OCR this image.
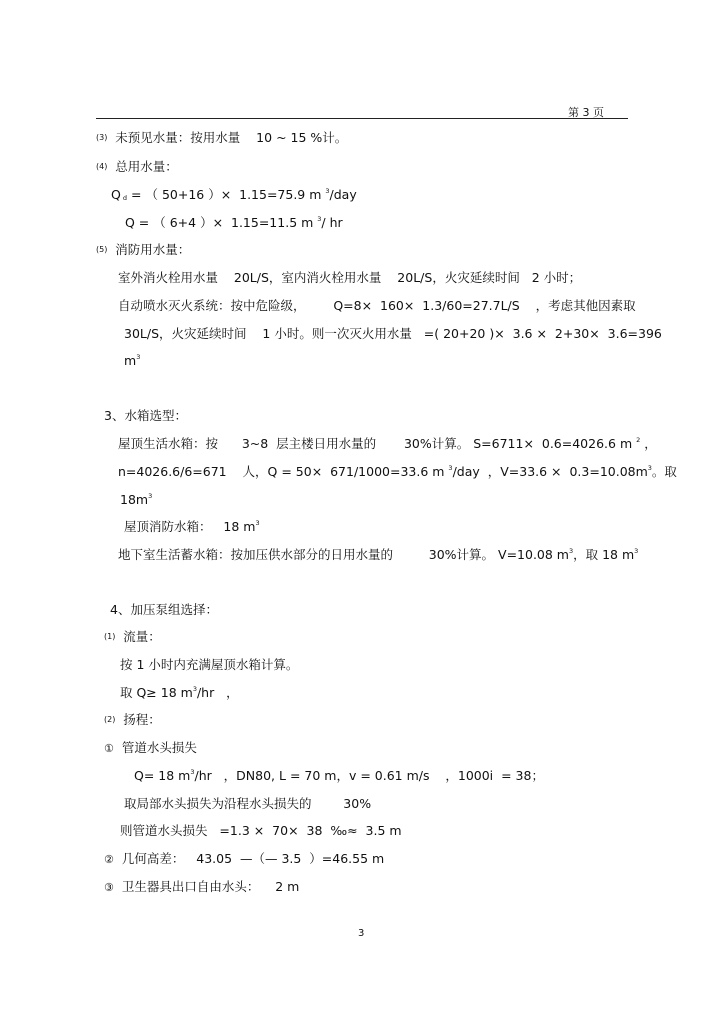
第 3 页
(3)  未预见水量：按用水量    10 ~ 15 %计。
(4)  总用水量：
Q $_d$ = （ 50+16 ）×  1.15=75.9 m $^3$/day
Q = （ 6+4 ）×  1.15=11.5 m $^3$/ hr
(5)  消防用水量：
室外消火栓用水量    20L/S，室内消火栓用水量    20L/S，火灾延续时间   2 小时；
自动喷水灭火系统：按中危险级，       Q=8×  160×  1.3/60=27.7L/S    ，考虑其他因素取
30L/S，火灾延续时间    1 小时。则一次灭火用水量   =( 20+20 )×  3.6 ×  2+30×  3.6=396
$m^3$
3、水箱选型：
屋顶生活水箱：按      3~8  层主楼日用水量的       30%计算。 S=6711×  0.6=4026.6 m $^2$ ，
n=4026.6/6=671    人，Q = 50×  671/1000=33.6 m $^3$/day  ，$V=33.6 \times 0.3=10.08m^3$。取
$18m^3$
屋顶消防水箱：   18 $m^3$
地下室生活蓄水箱：按加压供水部分的日用水量的         30%计算。 V=10.08 $m^3$，取 18 $m^3$
4、加压泵组选择：
(1)  流量：
按 1 小时内充满屋顶水箱计算。
取 Q≥ 18 $m^3/hr$   ，
(2)  扬程：
①  管道水头损失
Q= 18 $m^3/hr$   ，DN80, L = 70 m，v = 0.61 m/s    ，1000i  = 38；
取局部水头损失为沿程水头损失的        30%
则管道水头损失   =1.3 ×  70×  38  ‰≈  3.5 m
②  几何高差：   43.05  —（— 3.5  ）=46.55 m
③  卫生器具出口自由水头：    2 m
3
